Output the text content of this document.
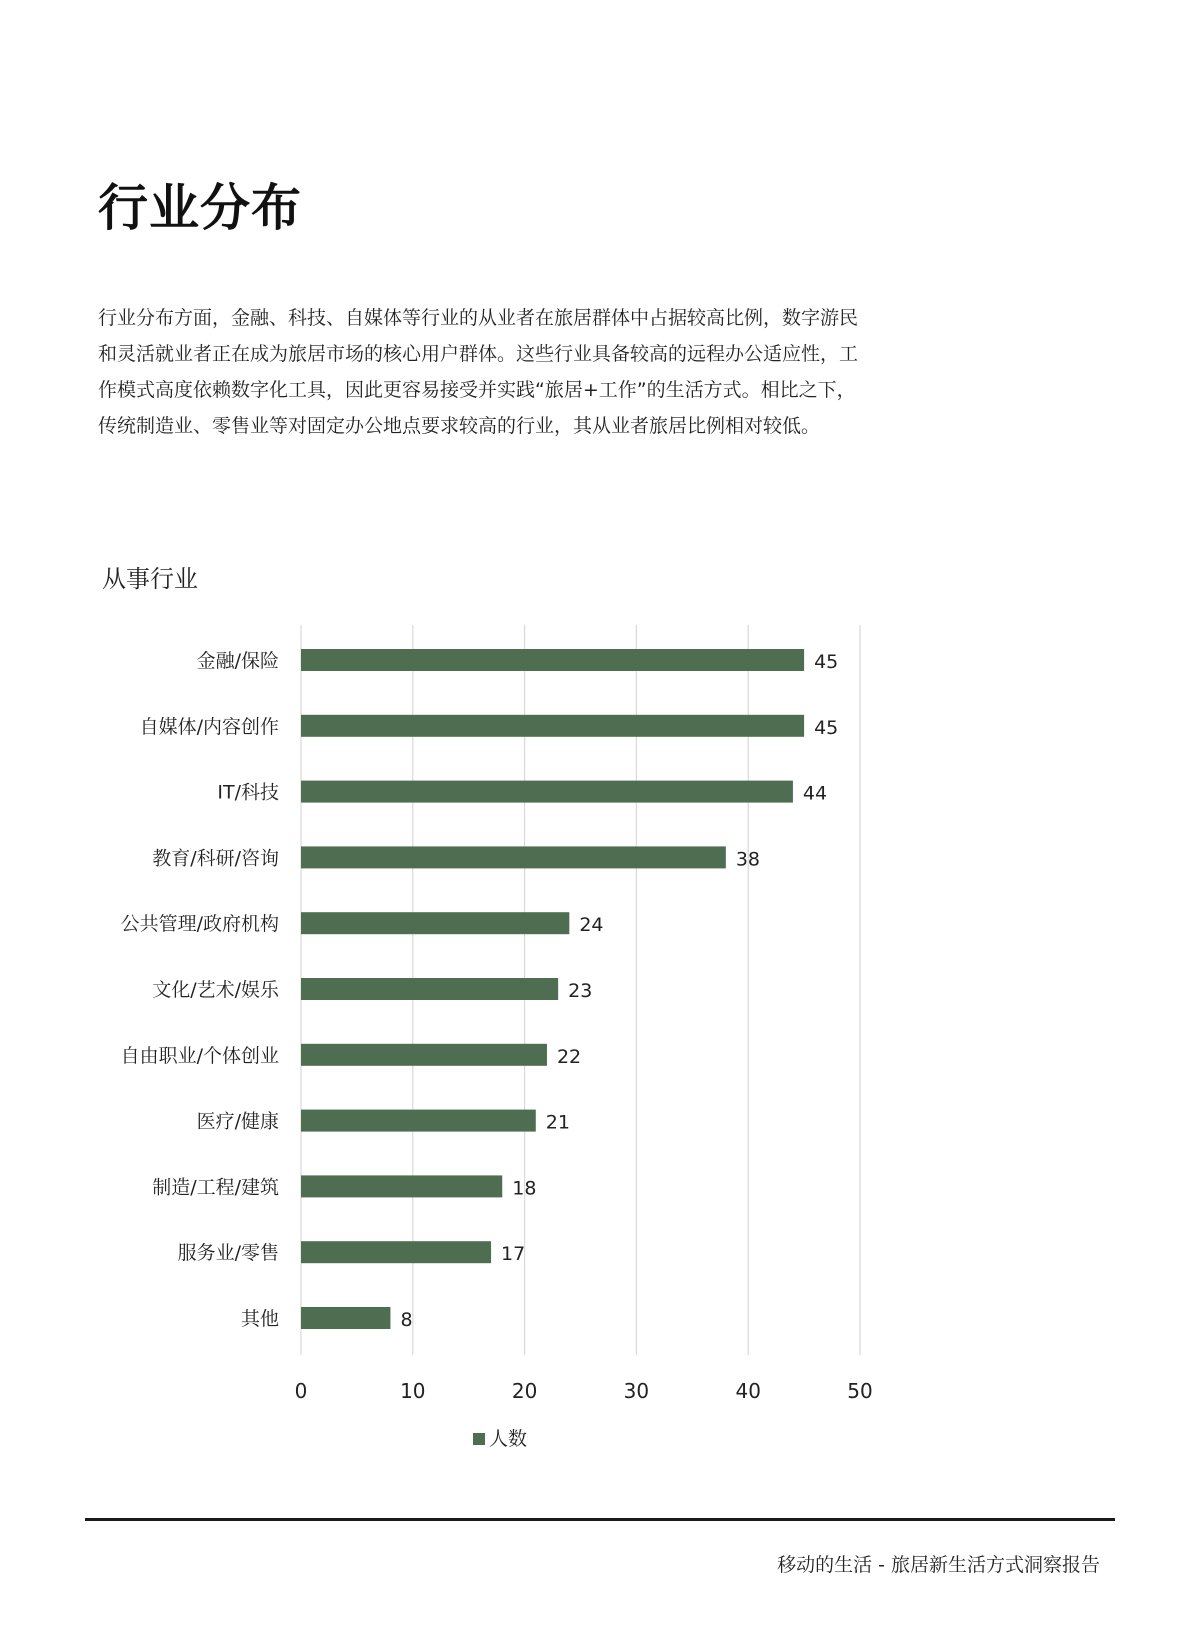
行业分布

行业分布方面，金融、科技、自媒体等行业的从业者在旅居群体中占据较高比例，数字游民和灵活就业者正在成为旅居市场的核心用户群体。这些行业具备较高的远程办公适应性，工作模式高度依赖数字化工具，因此更容易接受并实践“旅居+工作”的生活方式。相比之下，传统制造业、零售业等对固定办公地点要求较高的行业，其从业者旅居比例相对较低。

从事行业
金融/保险	45
自媒体/内容创作	45
IT/科技	44
教育/科研/咨询	38
公共管理/政府机构	24
文化/艺术/娱乐	23
自由职业/个体创业	22
医疗/健康	21
制造/工程/建筑	18
服务业/零售	17
其他	8
0	10	20	30	40	50
人数
移动的生活 - 旅居新生活方式洞察报告
